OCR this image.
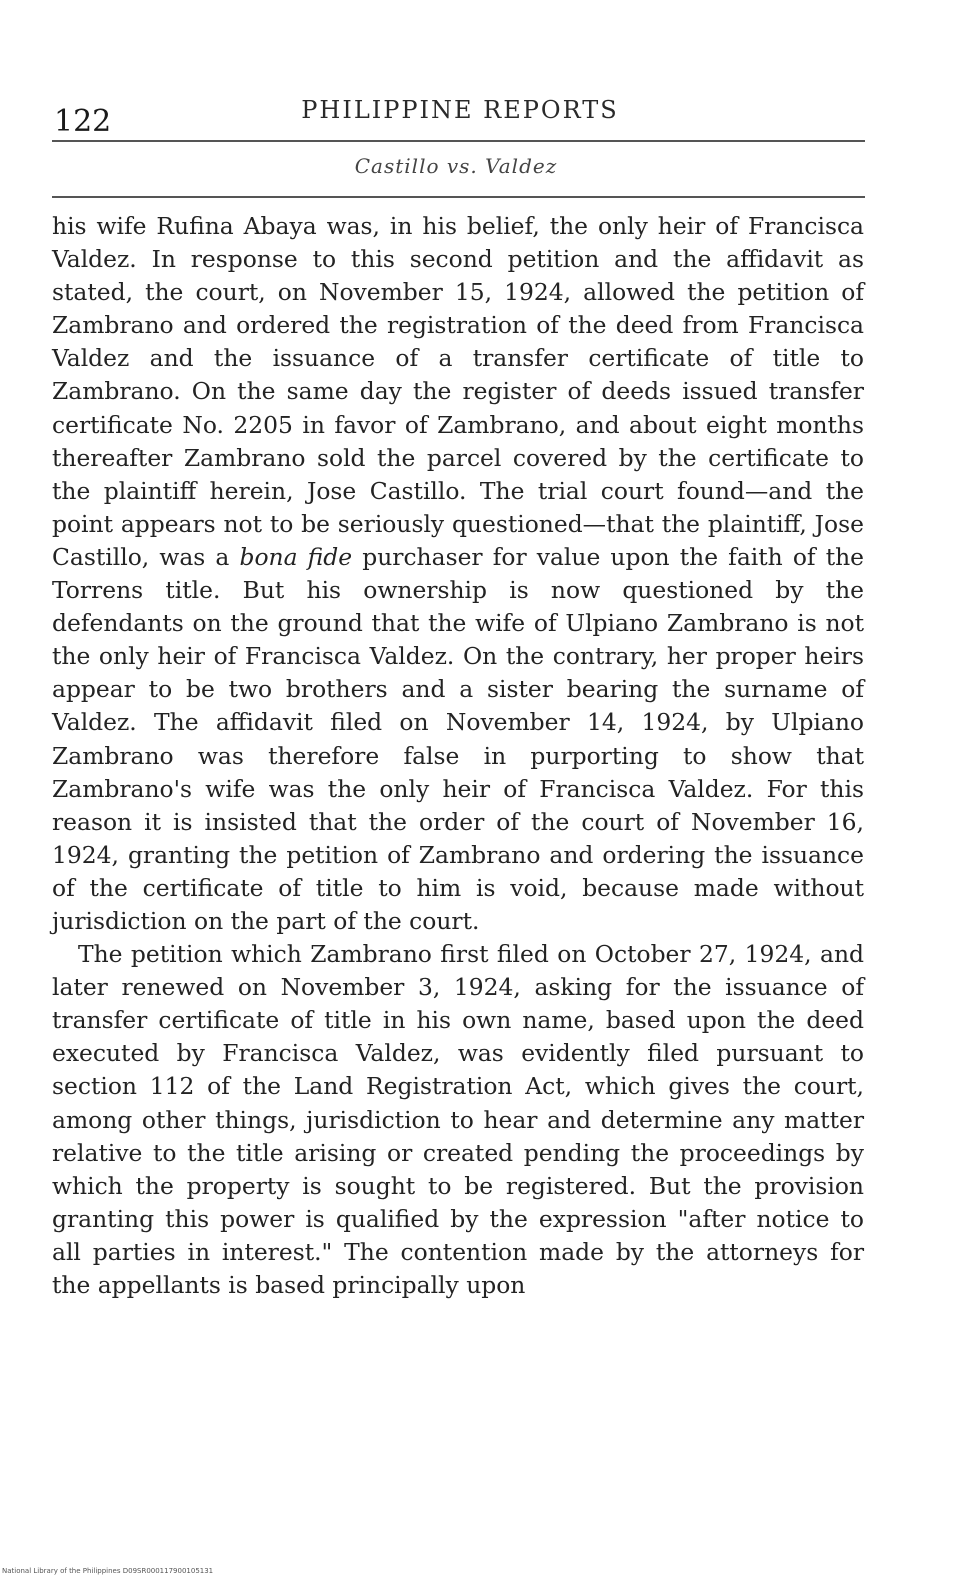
122	PHILIPPINE REPORTS
Castillo vs. Valdez

his wife Rufina Abaya was, in his belief, the only heir of Francisca Valdez. In response to this second petition and the affidavit as stated, the court, on November 15, 1924, allowed the petition of Zambrano and ordered the registration of the deed from Francisca Valdez and the issuance of a transfer certificate of title to Zambrano. On the same day the register of deeds issued transfer certificate No. 2205 in favor of Zambrano, and about eight months thereafter Zambrano sold the parcel covered by the certificate to the plaintiff herein, Jose Castillo. The trial court found—and the point appears not to be seriously questioned—that the plaintiff, Jose Castillo, was a bona fide purchaser for value upon the faith of the Torrens title. But his ownership is now questioned by the defendants on the ground that the wife of Ulpiano Zambrano is not the only heir of Francisca Valdez. On the contrary, her proper heirs appear to be two brothers and a sister bearing the surname of Valdez. The affidavit filed on November 14, 1924, by Ulpiano Zambrano was therefore false in purporting to show that Zambrano's wife was the only heir of Francisca Valdez. For this reason it is insisted that the order of the court of November 16, 1924, granting the petition of Zambrano and ordering the issuance of the certificate of title to him is void, because made without jurisdiction on the part of the court.

The petition which Zambrano first filed on October 27, 1924, and later renewed on November 3, 1924, asking for the issuance of transfer certificate of title in his own name, based upon the deed executed by Francisca Valdez, was evidently filed pursuant to section 112 of the Land Registration Act, which gives the court, among other things, jurisdiction to hear and determine any matter relative to the title arising or created pending the proceedings by which the property is sought to be registered. But the provision granting this power is qualified by the expression "after notice to all parties in interest." The contention made by the attorneys for the appellants is based principally upon

National Library of the Philippines D09SR000117900105131
